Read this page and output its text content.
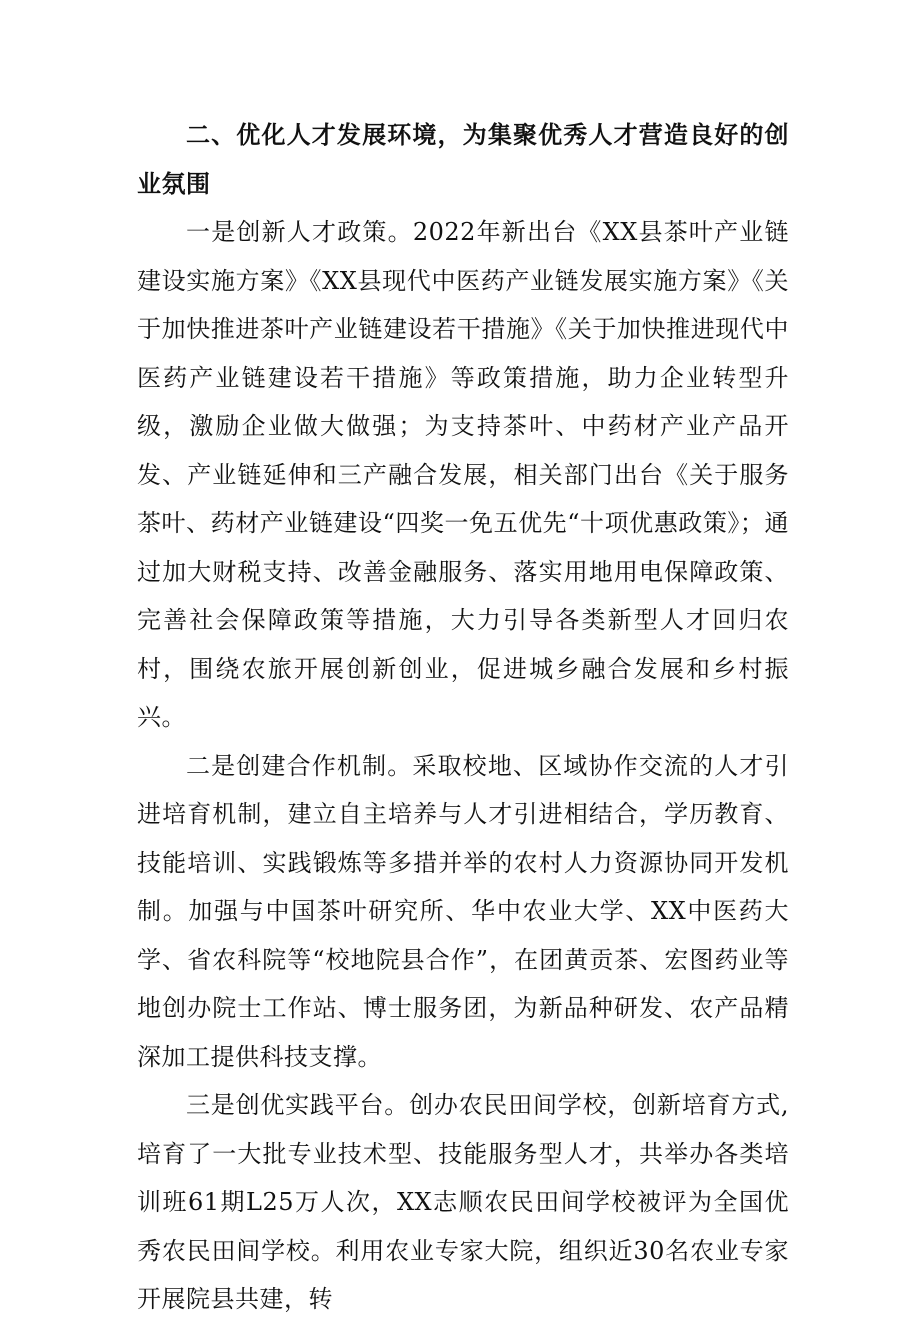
二、优化人才发展环境，为集聚优秀人才营造良好的创业氛围

一是创新人才政策。2022年新出台《XX县茶叶产业链建设实施方案》《XX县现代中医药产业链发展实施方案》《关于加快推进茶叶产业链建设若干措施》《关于加快推进现代中医药产业链建设若干措施》等政策措施，助力企业转型升级，激励企业做大做强；为支持茶叶、中药材产业产品开发、产业链延伸和三产融合发展，相关部门出台《关于服务茶叶、药材产业链建设“四奖一免五优先“十项优惠政策》；通过加大财税支持、改善金融服务、落实用地用电保障政策、完善社会保障政策等措施，大力引导各类新型人才回归农村，围绕农旅开展创新创业，促进城乡融合发展和乡村振兴。

二是创建合作机制。采取校地、区域协作交流的人才引进培育机制，建立自主培养与人才引进相结合，学历教育、技能培训、实践锻炼等多措并举的农村人力资源协同开发机制。加强与中国茶叶研究所、华中农业大学、XX中医药大学、省农科院等“校地院县合作”，在团黄贡茶、宏图药业等地创办院士工作站、博士服务团，为新品种研发、农产品精深加工提供科技支撑。

三是创优实践平台。创办农民田间学校，创新培育方式,培育了一大批专业技术型、技能服务型人才，共举办各类培训班61期L25万人次，XX志顺农民田间学校被评为全国优秀农民田间学校。利用农业专家大院，组织近30名农业专家开展院县共建，转
